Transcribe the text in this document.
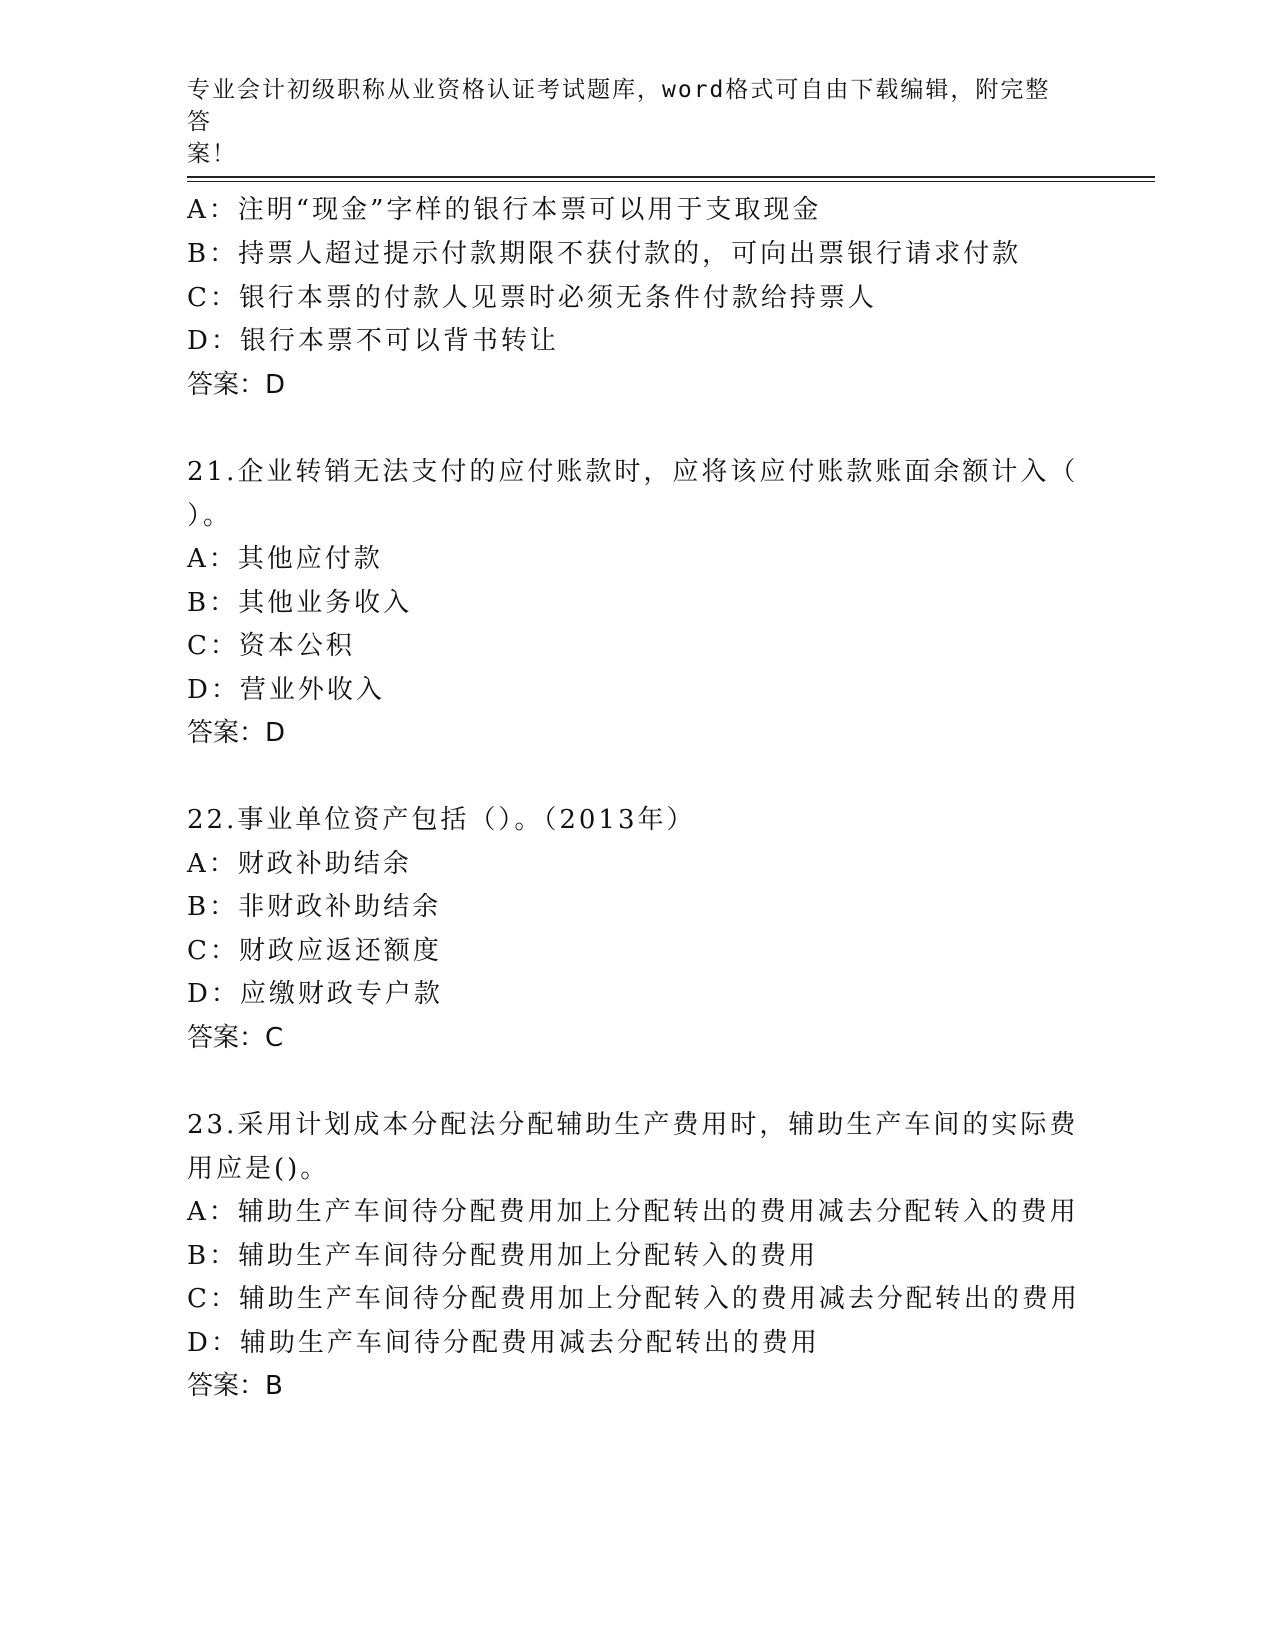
专业会计初级职称从业资格认证考试题库，word格式可自由下载编辑，附完整答
案！
A：注明“现金”字样的银行本票可以用于支取现金
B：持票人超过提示付款期限不获付款的，可向出票银行请求付款
C：银行本票的付款人见票时必须无条件付款给持票人
D：银行本票不可以背书转让
答案：D
21.企业转销无法支付的应付账款时，应将该应付账款账面余额计入（
）。
A：其他应付款
B：其他业务收入
C：资本公积
D：营业外收入
答案：D
22.事业单位资产包括（）。（2013年）
A：财政补助结余
B：非财政补助结余
C：财政应返还额度
D：应缴财政专户款
答案：C
23.采用计划成本分配法分配辅助生产费用时，辅助生产车间的实际费
用应是()。
A：辅助生产车间待分配费用加上分配转出的费用减去分配转入的费用
B：辅助生产车间待分配费用加上分配转入的费用
C：辅助生产车间待分配费用加上分配转入的费用减去分配转出的费用
D：辅助生产车间待分配费用减去分配转出的费用
答案：B
